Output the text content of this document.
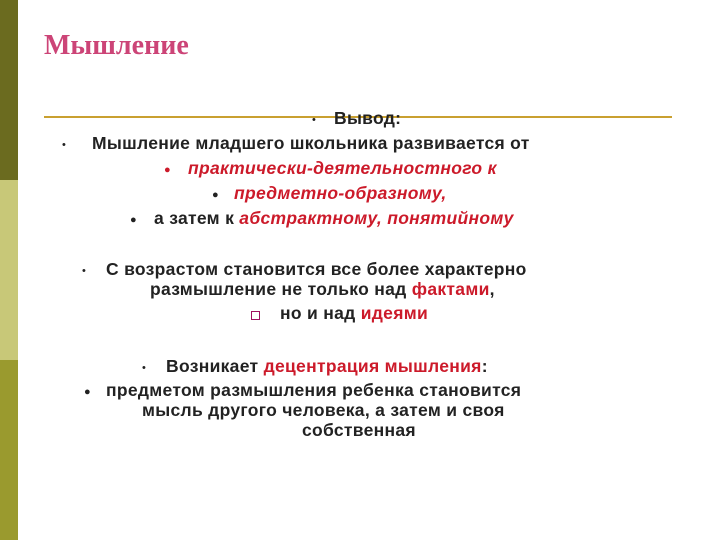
Мышление
• Вывод:
• Мышление младшего школьника развивается от
● практически-деятельностного к
● предметно-образному,
● а затем к абстрактному, понятийному
• С возрастом становится все более характерно
размышление не только над фактами,
но и над идеями
• Возникает децентрация мышления:
● предметом размышления ребенка становится
мысль другого человека, а затем и своя
собственная
